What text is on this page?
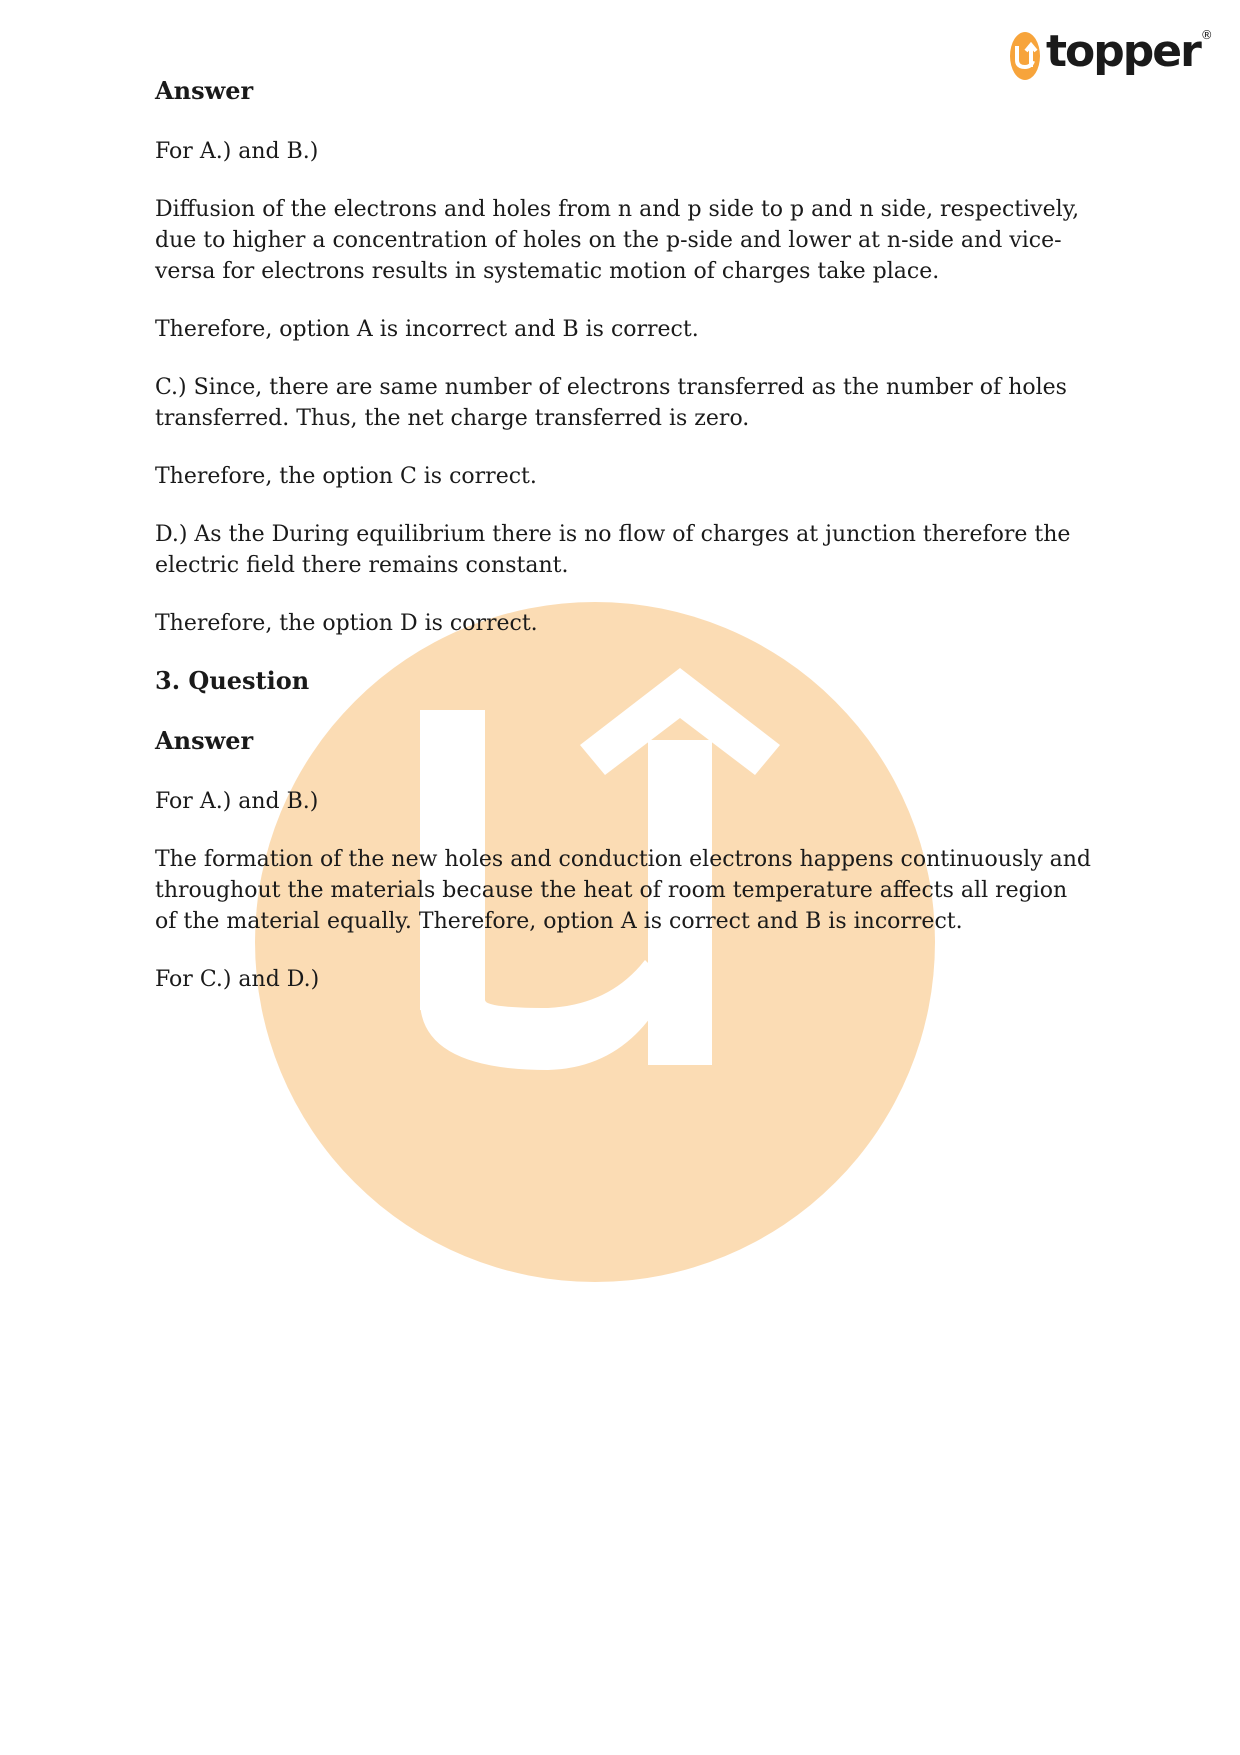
topper ®

Answer

For A.) and B.)

Diffusion of the electrons and holes from n and p side to p and n side, respectively, due to higher a concentration of holes on the p-side and lower at n-side and vice-versa for electrons results in systematic motion of charges take place.

Therefore, option A is incorrect and B is correct.

C.) Since, there are same number of electrons transferred as the number of holes transferred. Thus, the net charge transferred is zero.

Therefore, the option C is correct.

D.) As the During equilibrium there is no flow of charges at junction therefore the electric field there remains constant.

Therefore, the option D is correct.

3. Question

Answer

For A.) and B.)

The formation of the new holes and conduction electrons happens continuously and throughout the materials because the heat of room temperature affects all region of the material equally. Therefore, option A is correct and B is incorrect.

For C.) and D.)
